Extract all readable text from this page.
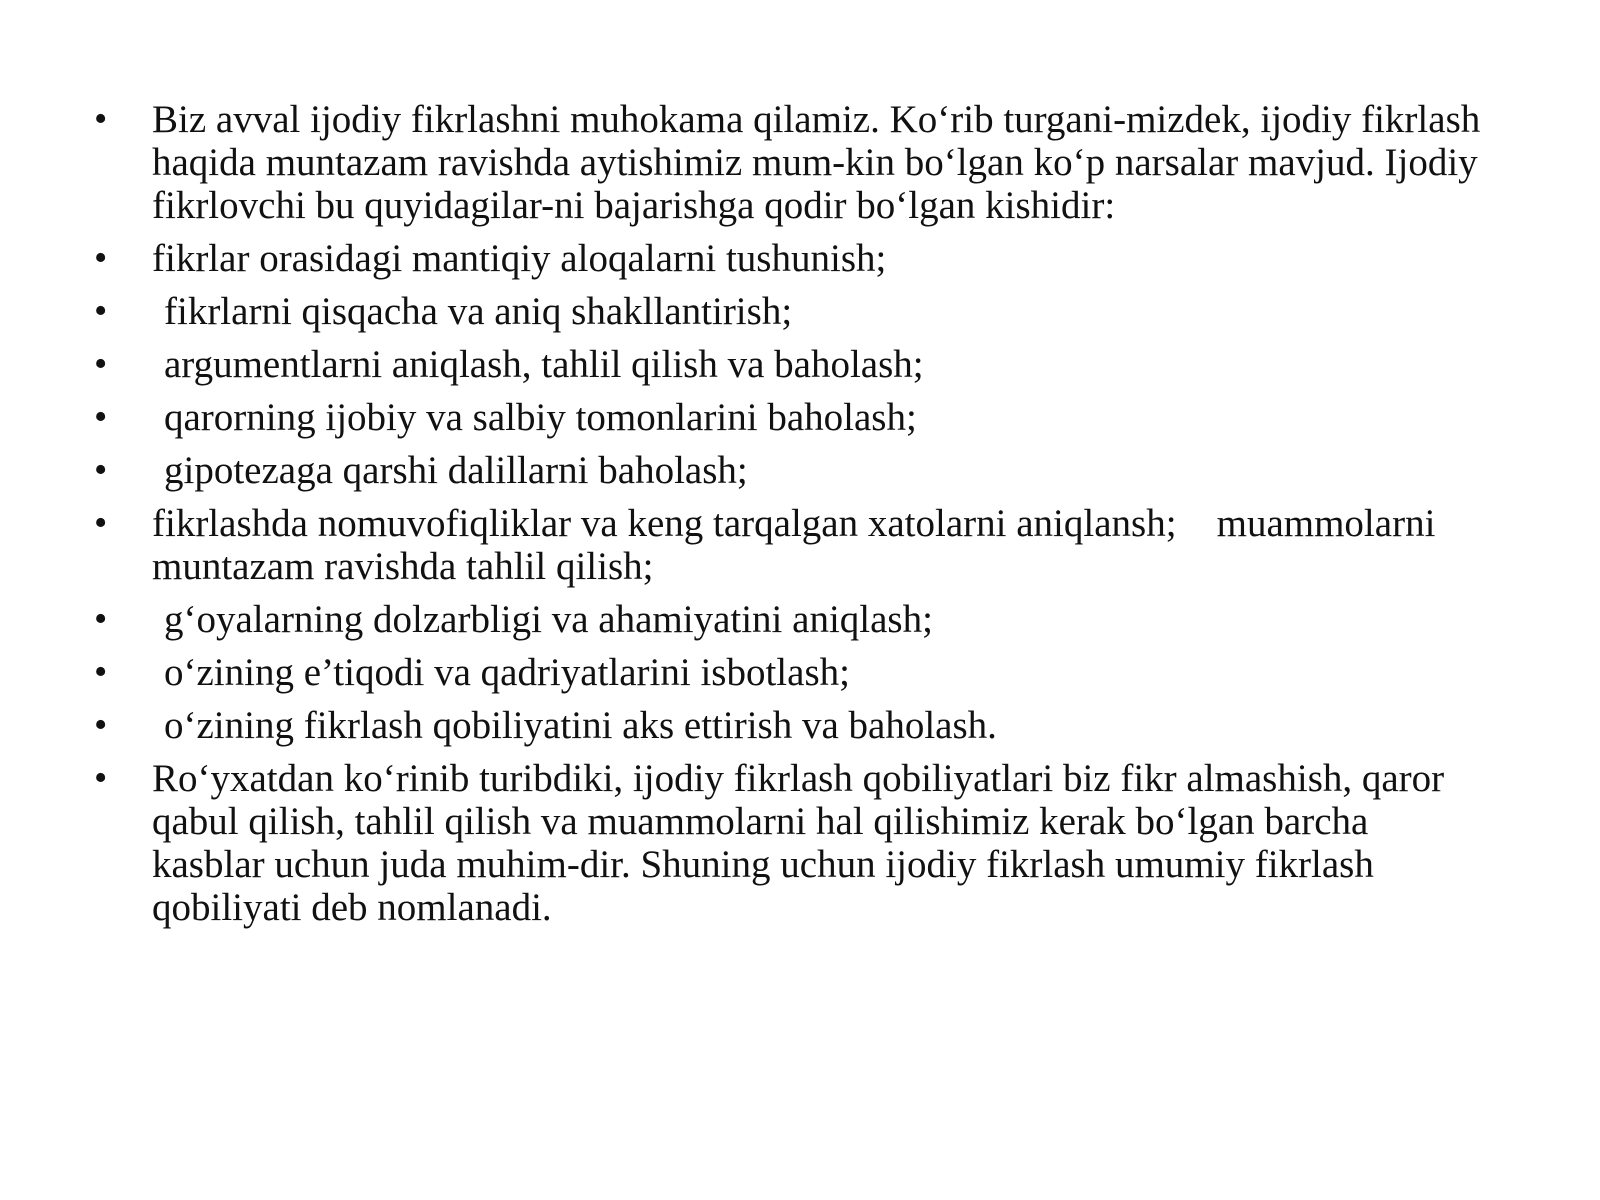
•	Biz avval ijodiy fikrlashni muhokama qilamiz. Koʻrib turgani-mizdek, ijodiy fikrlash haqida muntazam ravishda aytishimiz mum-kin boʻlgan koʻp narsalar mavjud. Ijodiy fikrlovchi bu quyidagilar-ni bajarishga qodir boʻlgan kishidir:
•	fikrlar orasidagi mantiqiy aloqalarni tushunish;
•	fikrlarni qisqacha va aniq shakllantirish;
•	argumentlarni aniqlash, tahlil qilish va baholash;
•	qarorning ijobiy va salbiy tomonlarini baholash;
•	gipotezaga qarshi dalillarni baholash;
•	fikrlashda nomuvofiqliklar va keng tarqalgan xatolarni aniqlansh; muammolarni muntazam ravishda tahlil qilish;
•	gʻoyalarning dolzarbligi va ahamiyatini aniqlash;
•	oʻzining e’tiqodi va qadriyatlarini isbotlash;
•	oʻzining fikrlash qobiliyatini aks ettirish va baholash.
•	Roʻyxatdan koʻrinib turibdiki, ijodiy fikrlash qobiliyatlari biz fikr almashish, qaror qabul qilish, tahlil qilish va muammolarni hal qilishimiz kerak boʻlgan barcha kasblar uchun juda muhim-dir. Shuning uchun ijodiy fikrlash umumiy fikrlash qobiliyati deb nomlanadi.
